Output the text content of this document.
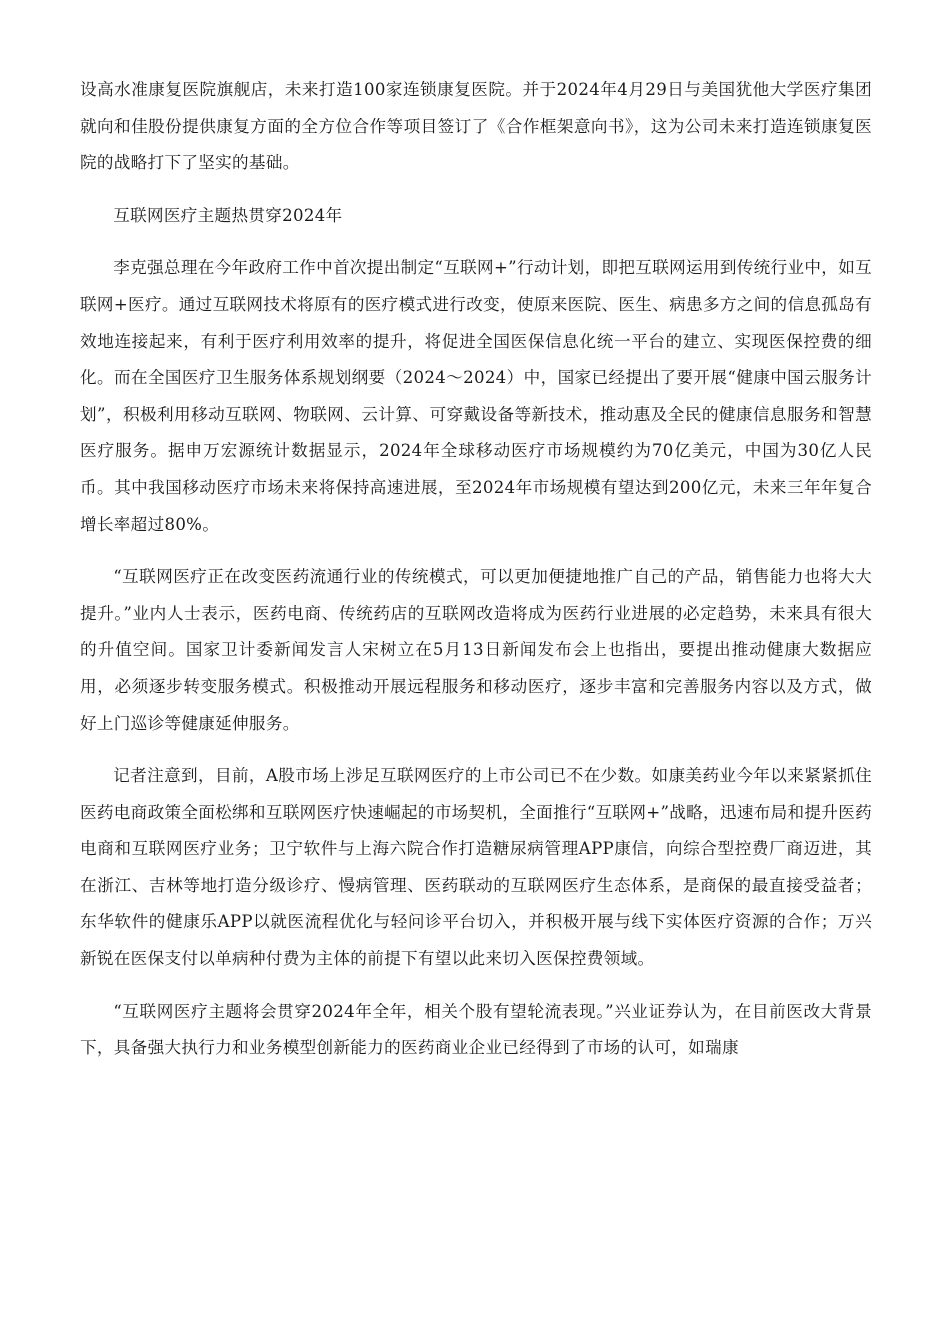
设高水准康复医院旗舰店，未来打造100家连锁康复医院。并于2024年4月29日与美国犹他大学医疗集团就向和佳股份提供康复方面的全方位合作等项目签订了《合作框架意向书》，这为公司未来打造连锁康复医院的战略打下了坚实的基础。

互联网医疗主题热贯穿2024年

李克强总理在今年政府工作中首次提出制定“互联网+”行动计划，即把互联网运用到传统行业中，如互联网+医疗。通过互联网技术将原有的医疗模式进行改变，使原来医院、医生、病患多方之间的信息孤岛有效地连接起来，有利于医疗利用效率的提升，将促进全国医保信息化统一平台的建立、实现医保控费的细化。而在全国医疗卫生服务体系规划纲要（2024～2024）中，国家已经提出了要开展“健康中国云服务计划”，积极利用移动互联网、物联网、云计算、可穿戴设备等新技术，推动惠及全民的健康信息服务和智慧医疗服务。据申万宏源统计数据显示，2024年全球移动医疗市场规模约为70亿美元，中国为30亿人民币。其中我国移动医疗市场未来将保持高速进展，至2024年市场规模有望达到200亿元，未来三年年复合增长率超过80%。

“互联网医疗正在改变医药流通行业的传统模式，可以更加便捷地推广自己的产品，销售能力也将大大提升。”业内人士表示，医药电商、传统药店的互联网改造将成为医药行业进展的必定趋势，未来具有很大的升值空间。国家卫计委新闻发言人宋树立在5月13日新闻发布会上也指出，要提出推动健康大数据应用，必须逐步转变服务模式。积极推动开展远程服务和移动医疗，逐步丰富和完善服务内容以及方式，做好上门巡诊等健康延伸服务。

记者注意到，目前，A股市场上涉足互联网医疗的上市公司已不在少数。如康美药业今年以来紧紧抓住医药电商政策全面松绑和互联网医疗快速崛起的市场契机，全面推行“互联网+”战略，迅速布局和提升医药电商和互联网医疗业务；卫宁软件与上海六院合作打造糖尿病管理APP康信，向综合型控费厂商迈进，其在浙江、吉林等地打造分级诊疗、慢病管理、医药联动的互联网医疗生态体系，是商保的最直接受益者；东华软件的健康乐APP以就医流程优化与轻问诊平台切入，并积极开展与线下实体医疗资源的合作；万兴新锐在医保支付以单病种付费为主体的前提下有望以此来切入医保控费领域。

“互联网医疗主题将会贯穿2024年全年，相关个股有望轮流表现。”兴业证券认为，在目前医改大背景下，具备强大执行力和业务模型创新能力的医药商业企业已经得到了市场的认可，如瑞康
